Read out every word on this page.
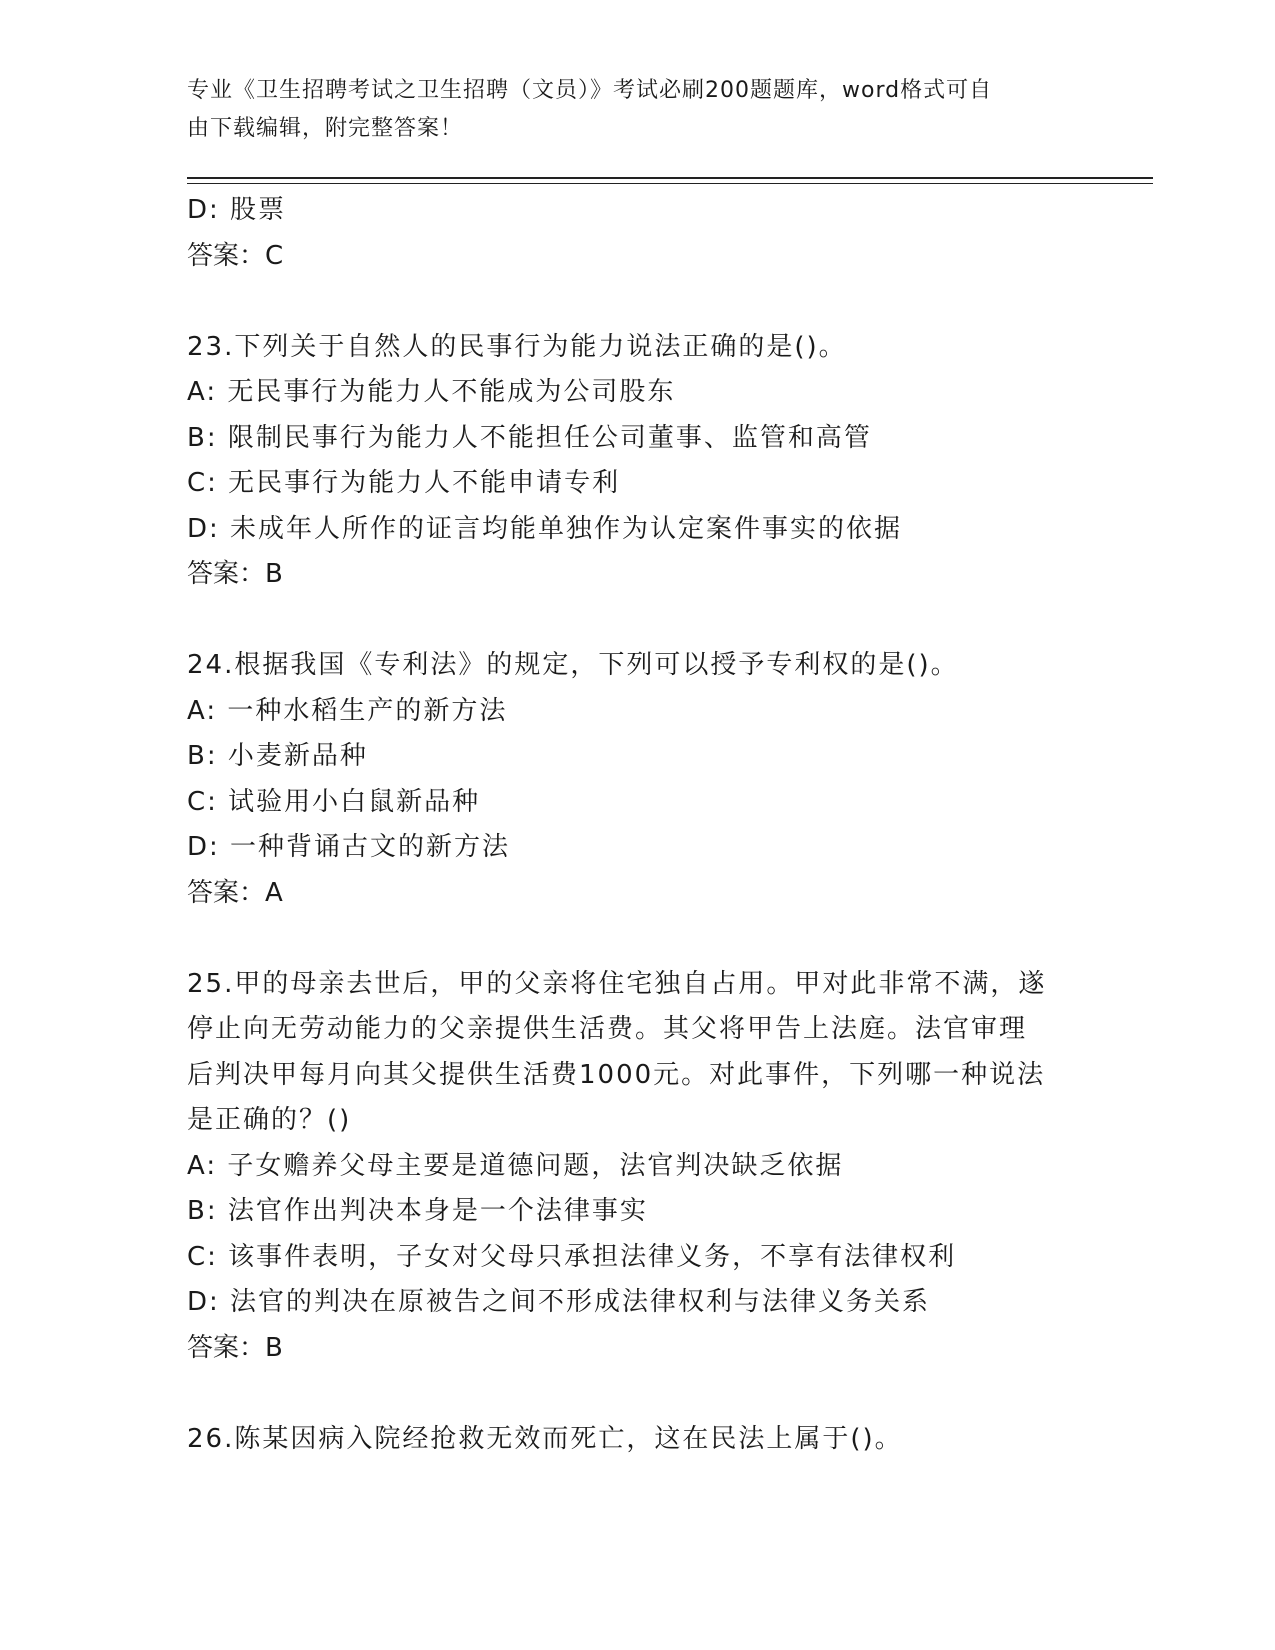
专业《卫生招聘考试之卫生招聘（文员）》考试必刷200题题库，word格式可自
由下载编辑，附完整答案！
D: 股票
答案：C
23.下列关于自然人的民事行为能力说法正确的是()。
A: 无民事行为能力人不能成为公司股东
B: 限制民事行为能力人不能担任公司董事、监管和高管
C: 无民事行为能力人不能申请专利
D: 未成年人所作的证言均能单独作为认定案件事实的依据
答案：B
24.根据我国《专利法》的规定，下列可以授予专利权的是()。
A: 一种水稻生产的新方法
B: 小麦新品种
C: 试验用小白鼠新品种
D: 一种背诵古文的新方法
答案：A
25.甲的母亲去世后，甲的父亲将住宅独自占用。甲对此非常不满，遂
停止向无劳动能力的父亲提供生活费。其父将甲告上法庭。法官审理
后判决甲每月向其父提供生活费1000元。对此事件，下列哪一种说法
是正确的？()
A: 子女赡养父母主要是道德问题，法官判决缺乏依据
B: 法官作出判决本身是一个法律事实
C: 该事件表明，子女对父母只承担法律义务，不享有法律权利
D: 法官的判决在原被告之间不形成法律权利与法律义务关系
答案：B
26.陈某因病入院经抢救无效而死亡，这在民法上属于()。
